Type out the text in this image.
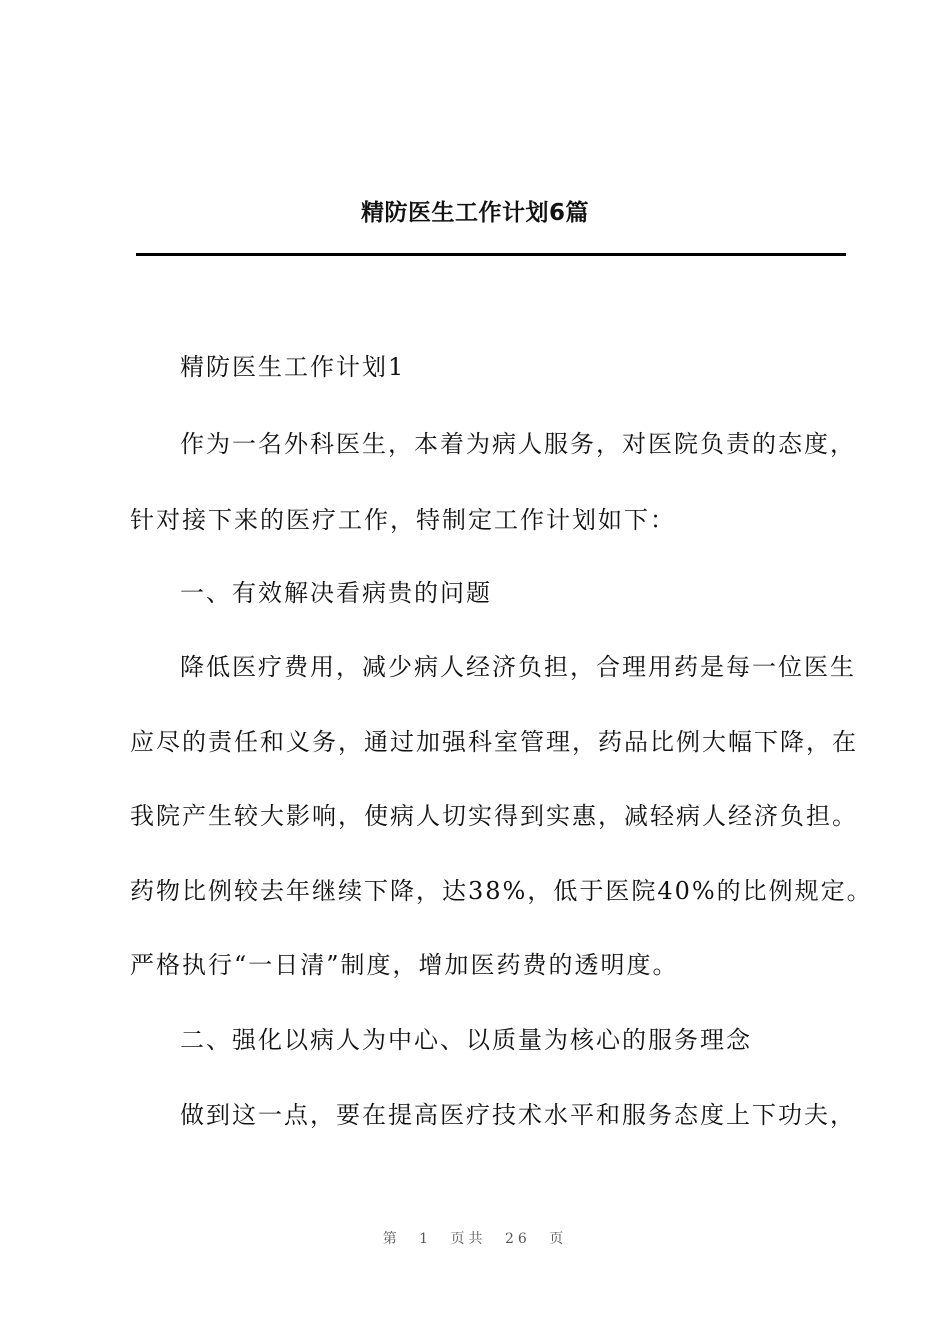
精防医生工作计划6篇
精防医生工作计划1
作为一名外科医生，本着为病人服务，对医院负责的态度，
针对接下来的医疗工作，特制定工作计划如下：
一、有效解决看病贵的问题
降低医疗费用，减少病人经济负担，合理用药是每一位医生
应尽的责任和义务，通过加强科室管理，药品比例大幅下降，在
我院产生较大影响，使病人切实得到实惠，减轻病人经济负担。
药物比例较去年继续下降，达38%，低于医院40%的比例规定。
严格执行“一日清”制度，增加医药费的透明度。
二、强化以病人为中心、以质量为核心的服务理念
做到这一点，要在提高医疗技术水平和服务态度上下功夫，
第 1 页共 26 页
